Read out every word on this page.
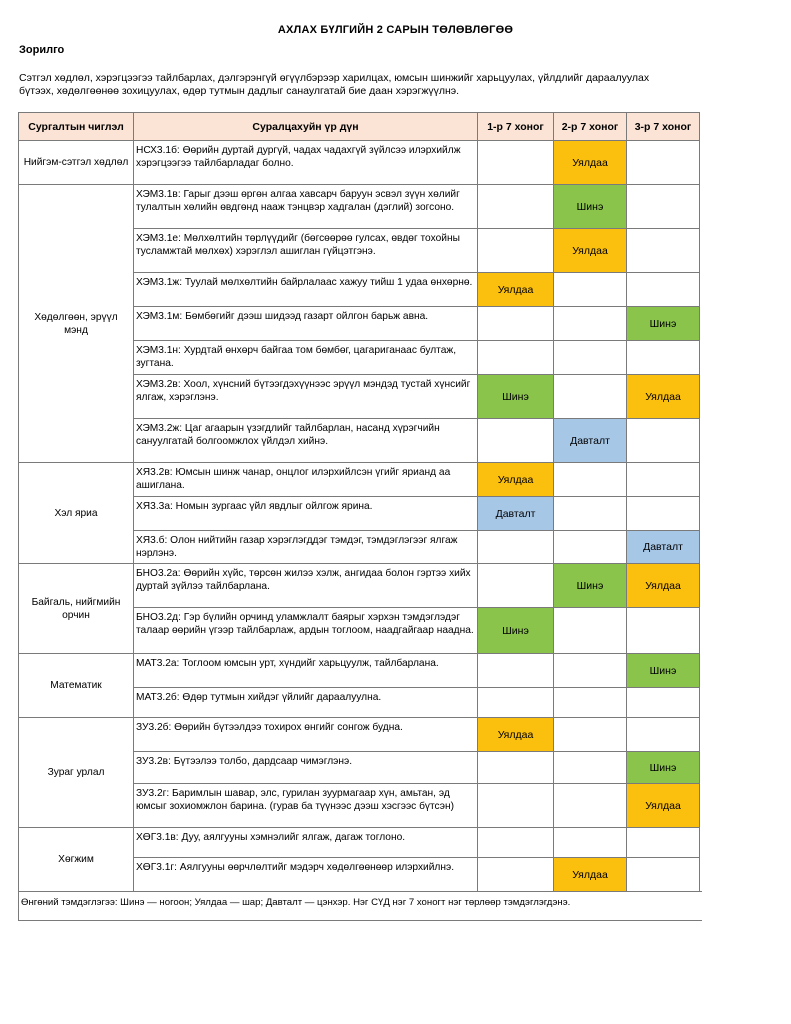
АХЛАХ БҮЛГИЙН 2 САРЫН ТӨЛӨВЛӨГӨӨ
Зорилго
Сэтгэл хөдлөл, хэрэгцээгээ тайлбарлах, дэлгэрэнгүй өгүүлбэрээр харилцах, юмсын шинжийг харьцуулах, үйлдлийг дараалуулах
бүтээх, хөдөлгөөнөө зохицуулах, өдөр тутмын дадлыг санаулгатай бие даан хэрэгжүүлнэ.
Сургалтын чиглэл	Суралцахуйн үр дүн	1-р 7 хоног	2-р 7 хоног	3-р 7 хоног	
Нийгэм-сэтгэл хөдлөл	НСХ3.1б: Өөрийн дуртай дургүй, чадах чадахгүй зүйлсээ илэрхийлж хэрэгцээгээ тайлбарладаг болно.		Уялдаа		
Хөдөлгөөн, эрүүл мэнд	ХЭМ3.1в: Гарыг дээш өргөн алгаа хавсарч баруун эсвэл зүүн хөлийг тулалтын хөлийн өвдгөнд нааж тэнцвэр хадгалан (дэглий) зогсоно.		Шинэ		
	ХЭМ3.1е: Мөлхөлтийн төрлүүдийг (бөгсөөрөө гулсах, өвдөг тохойны тусламжтай мөлхөх) хэрэглэл ашиглан гүйцэтгэнэ.		Уялдаа		
	ХЭМ3.1ж: Туулай мөлхөлтийн байрлалаас хажуу тийш 1 удаа өнхөрнө.	Уялдаа			
	ХЭМ3.1м: Бөмбөгийг дээш шидээд газарт ойлгон барьж авна.			Шинэ	
	ХЭМ3.1н: Хурдтай өнхөрч байгаа том бөмбөг, цагариганаас бултаж, зугтана.				
	ХЭМ3.2в: Хоол, хүнсний бүтээгдэхүүнээс эрүүл мэндэд тустай хүнсийг ялгаж, хэрэглэнэ.	Шинэ		Уялдаа	
	ХЭМ3.2ж: Цаг агаарын үзэгдлийг тайлбарлан, насанд хүрэгчийн сануулгатай болгоомжлох үйлдэл хийнэ.		Давталт		
Хэл яриа	ХЯ3.2в: Юмсын шинж чанар, онцлог илэрхийлсэн үгийг ярианд аа ашиглана.	Уялдаа			
	ХЯ3.3а: Номын зургаас үйл явдлыг ойлгож ярина.	Давталт			
	ХЯ3.б: Олон нийтийн газар хэрэглэгддэг тэмдэг, тэмдэглэгээг ялгаж нэрлэнэ.			Давталт	
Байгаль, нийгмийн орчин	БНО3.2а: Өөрийн хүйс, төрсөн жилээ хэлж, ангидаа болон гэртээ хийх дуртай зүйлээ тайлбарлана.		Шинэ	Уялдаа	
	БНО3.2д: Гэр бүлийн орчинд уламжлалт баярыг хэрхэн тэмдэглэдэг талаар өөрийн үгээр тайлбарлаж, ардын тоглоом, наадгайгаар наадна.	Шинэ			
Математик	МАТ3.2а: Тоглоом юмсын урт, хүндийг харьцуулж, тайлбарлана.			Шинэ	
	МАТ3.2б: Өдөр тутмын хийдэг үйлийг дараалуулна.				
Зураг урлал	ЗУ3.2б: Өөрийн бүтээлдээ тохирох өнгийг сонгож будна.	Уялдаа			
	ЗУ3.2в: Бүтээлээ толбо, дардсаар чимэглэнэ.			Шинэ	
	ЗУ3.2г: Баримлын шавар, элс, гурилан зуурмагаар хүн, амьтан, эд юмсыг зохиомжлон барина. (гурав ба түүнээс дээш хэсгээс бүтсэн)			Уялдаа	
Хөгжим	ХӨГ3.1в: Дуу, аялгууны хэмнэлийг ялгаж, дагаж тоглоно.				
	ХӨГ3.1г: Аялгууны өөрчлөлтийг мэдэрч хөдөлгөөнөөр илэрхийлнэ.		Уялдаа		
Өнгөний тэмдэглэгээ: Шинэ — ногоон; Уялдаа — шар; Давталт — цэнхэр. Нэг СҮД нэг 7 хоногт нэг төрлөөр тэмдэглэгдэнэ.					
